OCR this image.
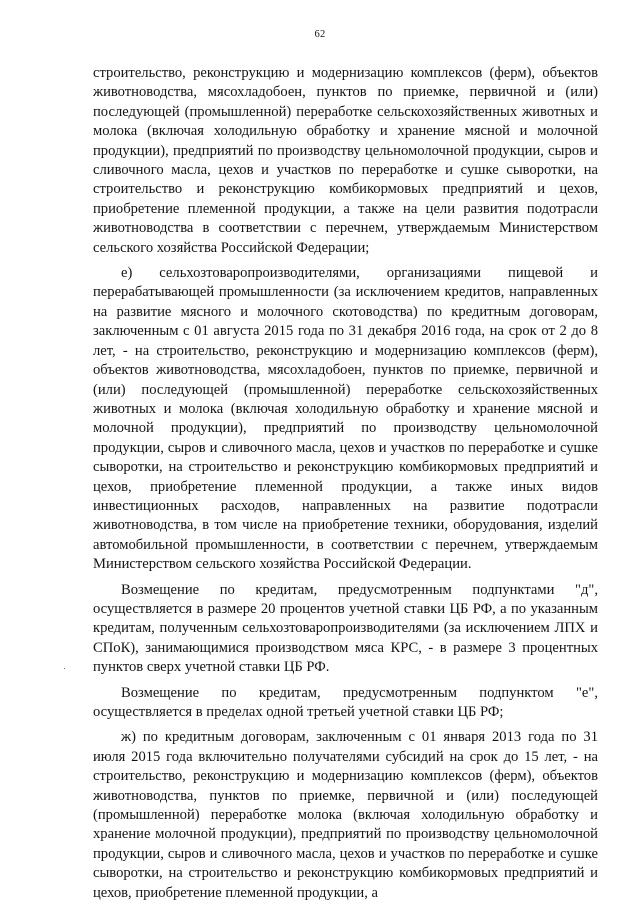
62

строительство, реконструкцию и модернизацию комплексов (ферм), объектов животноводства, мясохладобоен, пунктов по приемке, первичной и (или) последующей (промышленной) переработке сельскохозяйственных животных и молока (включая холодильную обработку и хранение мясной и молочной продукции), предприятий по производству цельномолочной продукции, сыров и сливочного масла, цехов и участков по переработке и сушке сыворотки, на строительство и реконструкцию комбикормовых предприятий и цехов, приобретение племенной продукции, а также на цели развития подотрасли животноводства в соответствии с перечнем, утверждаемым Министерством сельского хозяйства Российской Федерации;

е) сельхозтоваропроизводителями, организациями пищевой и перерабатывающей промышленности (за исключением кредитов, направленных на развитие мясного и молочного скотоводства) по кредитным договорам, заключенным с 01 августа 2015 года по 31 декабря 2016 года, на срок от 2 до 8 лет, - на строительство, реконструкцию и модернизацию комплексов (ферм), объектов животноводства, мясохладобоен, пунктов по приемке, первичной и (или) последующей (промышленной) переработке сельскохозяйственных животных и молока (включая холодильную обработку и хранение мясной и молочной продукции), предприятий по производству цельномолочной продукции, сыров и сливочного масла, цехов и участков по переработке и сушке сыворотки, на строительство и реконструкцию комбикормовых предприятий и цехов, приобретение племенной продукции, а также иных видов инвестиционных расходов, направленных на развитие подотрасли животноводства, в том числе на приобретение техники, оборудования, изделий автомобильной промышленности, в соответствии с перечнем, утверждаемым Министерством сельского хозяйства Российской Федерации.

Возмещение по кредитам, предусмотренным подпунктами "д", осуществляется в размере 20 процентов учетной ставки ЦБ РФ, а по указанным кредитам, полученным сельхозтоваропроизводителями (за исключением ЛПХ и СПоК), занимающимися производством мяса КРС, - в размере 3 процентных пунктов сверх учетной ставки ЦБ РФ.

Возмещение по кредитам, предусмотренным подпунктом "е", осуществляется в пределах одной третьей учетной ставки ЦБ РФ;

ж) по кредитным договорам, заключенным с 01 января 2013 года по 31 июля 2015 года включительно получателями субсидий на срок до 15 лет, - на строительство, реконструкцию и модернизацию комплексов (ферм), объектов животноводства, пунктов по приемке, первичной и (или) последующей (промышленной) переработке молока (включая холодильную обработку и хранение молочной продукции), предприятий по производству цельномолочной продукции, сыров и сливочного масла, цехов и участков по переработке и сушке сыворотки, на строительство и реконструкцию комбикормовых предприятий и цехов, приобретение племенной продукции, а
